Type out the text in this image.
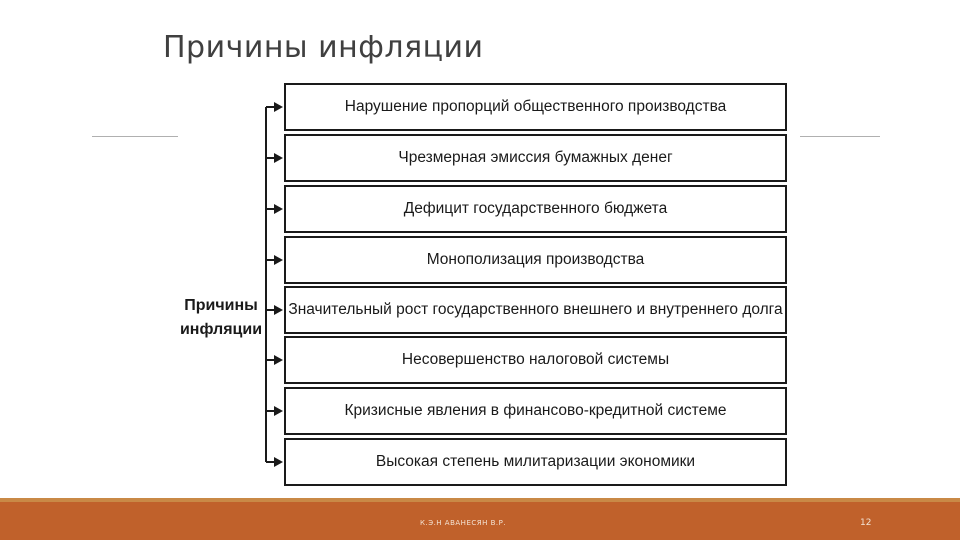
Причины инфляции
Причины инфляции
Нарушение пропорций общественного производства
Чрезмерная эмиссия бумажных денег
Дефицит государственного бюджета
Монополизация производства
Значительный рост государственного внешнего и внутреннего долга
Несовершенство налоговой системы
Кризисные явления в финансово-кредитной системе
Высокая степень милитаризации экономики
К.Э.Н АВАНЕСЯН В.Р.	12
